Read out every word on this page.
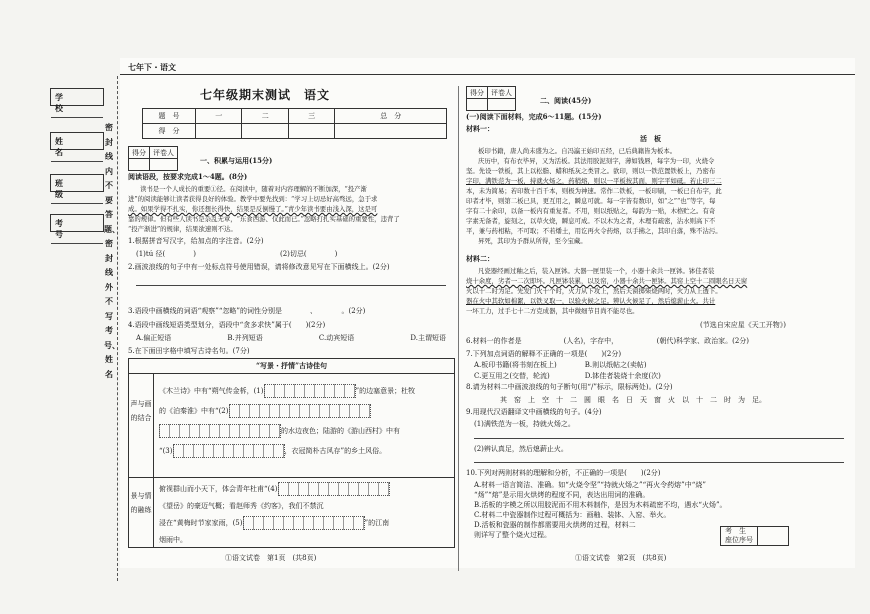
七年下・语文
学　校
姓　名
班　级
考　号
密封线内不要答题、密封线外不写考号、姓名
七年级期末测试　语文
题　号	一	二	三	总　分
得　分				
得分	评卷人

一、积累与运用(15分)
阅读语段，按要求完成1～4题。(8分)
读书是一个人成长的重要①径。在阅读中，随着对内容理解的不断加深，“投产渐
进”的阅读能够让读者获得良好的体验。教学中要先找到：“学习上切忌好高骛远，急于求
成。如果学得不扎实，你还想长得快，结果是反倒慢了。”青少年读书要由浅入深，这是可
靠的规律。但有些人读书是杂乱无章，“东食西游、仅此而已。”忽略打扎实基础的重要性，违背了
“投产渐进”的规律，结果欲速则不达。
1.根据拼音写汉字，给加点的字注音。(2分)
(1)tú 径(　　　　)	(2)切忌(　　　　)
2.画波浪线的句子中有一处标点符号使用错误，请将修改意见写在下面横线上。(2分)
3.语段中画横线的词语“观察”“忽略”的词性分别是　　　　、　　　　。(2分)
4.语段中画线短语类型划分，语段中“贪多求快”属于(　　)(2分)
A.偏正短语	B.并列短语	C.动宾短语	D.主谓短语
5.在下面田字格中填写古诗名句。(7分)
“写景・抒情”古诗佳句
声与画的结合
《木兰诗》中有“朔气传金柝，(1)	”的边塞意景；杜牧
的《泊秦淮》中有“(2)
的水边夜色；陆游的《游山西村》中有
“(3)	，衣冠简朴古风存”的乡土风俗。
景与情的融练
俯视群山而小天下，体会青年杜甫“(4)
《望岳》的豪迈气概；看赵师秀《约客》，我们不禁沉
浸在“黄梅时节家家雨，(5)	”的江南
烟雨中。
①语文试卷　第1页　(共8页)
得分	评卷人

二、阅读(45分)
(一)阅读下面材料，完成6～11题。(15分)
材料一：
活　板
板印书籍，唐人尚未盛为之。自冯瀛王始印五经，已后典籍皆为板本。
庆历中，有布衣毕昇，又为活板。其法用胶泥刻字，薄如钱唇，每字为一印，火烧令
坚。先设一铁板，其上以松脂、蜡和纸灰之类冒之。欲印，则以一铁范置铁板上，乃密布
字印，满铁范为一板，持就火炀之，药稍熔，则以一平板按其面，则字平如砥。若止印三二
本，未为简易；若印数十百千本，则极为神速。常作二铁板，一板印刷，一板已自布字，此
印者才毕，则第二板已具，更互用之，瞬息可就。每一字皆有数印，如“之”“也”等字，每
字有二十余印，以备一板内有重复者。不用，则以纸贴之，每韵为一贴，木格贮之。有奇
字素无备者，旋刻之，以草火烧，瞬息可成。不以木为之者，木理有疏密，沾水则高下不
平，兼与药相粘，不可取；不若燔土，用讫再火令药熔，以手拂之，其印自落，殊不沾污。
昇死，其印为予群从所得，至今宝藏。
材料二：
凡瓷器经画过釉之后，装入匣钵。大器一匣里装一个，小器十余共一匣钵。钵佳者装
烧十余度，劣者一二次即坏。凡匣钵装累，以及窑，小器十余共一匣钵。其窑上空十二圆眼名日天窗
火以十二时为足。先发门火十个时，火力从下攻上，然后天窗掷柴烧两时，火力从上透下。
器在火中其软如棉絮，以铁叉取一，以验火候之足。辨认火候足了，然后熄薪止火。共计
一坏工力，过手七十二方克成器，其中微细节目尚不能尽也。
(节选自宋应星《天工开物》)
6.材料一的作者是　　　　　　(人名)，字存中，　　　　　　(朝代)科学家、政治家。(2分)
7.下列加点词语的解释不正确的一项是(　　)(2分)
A.板印书籍(将书刻在板上)　　　　B.则以纸帖之(卖帖)
C.更互用之(交替，轮流)　　　　　D.钵佳者装烧十余度(次)
8.请为材料二中画波浪线的句子断句(用“/”标示，限标两处)。(2分)
其　窑　上　空　十　二　圆　眼　名　日　天　窗　火　以　十　二　时　为　足。
9.用现代汉语翻译文中画横线的句子。(4分)
(1)满铁范为一板，持就火炀之。
(2)辨认真足，然后熄薪止火。
10.下列对两则材料的理解和分析，不正确的一项是(　　)(2分)
A.材料一语言简洁、准确。如“火烧令坚”“持就火炀之”“再火令药熔”中“烧”
“炀”“熔”是示用火烘烤的程度不同，表达出用词的准确。
B.活板的字模之所以用胶泥而不用木料制作，是因为木料疏密不均，遇水“火炀”。
C.材料二中瓷器制作过程可概括为：画釉、装钵、入窑、举火。
D.活板和瓷器的制作都需要用火烘烤的过程，材料二
则详写了整个烧火过程。	考　生
座位序号

①语文试卷　第2页　(共8页)
